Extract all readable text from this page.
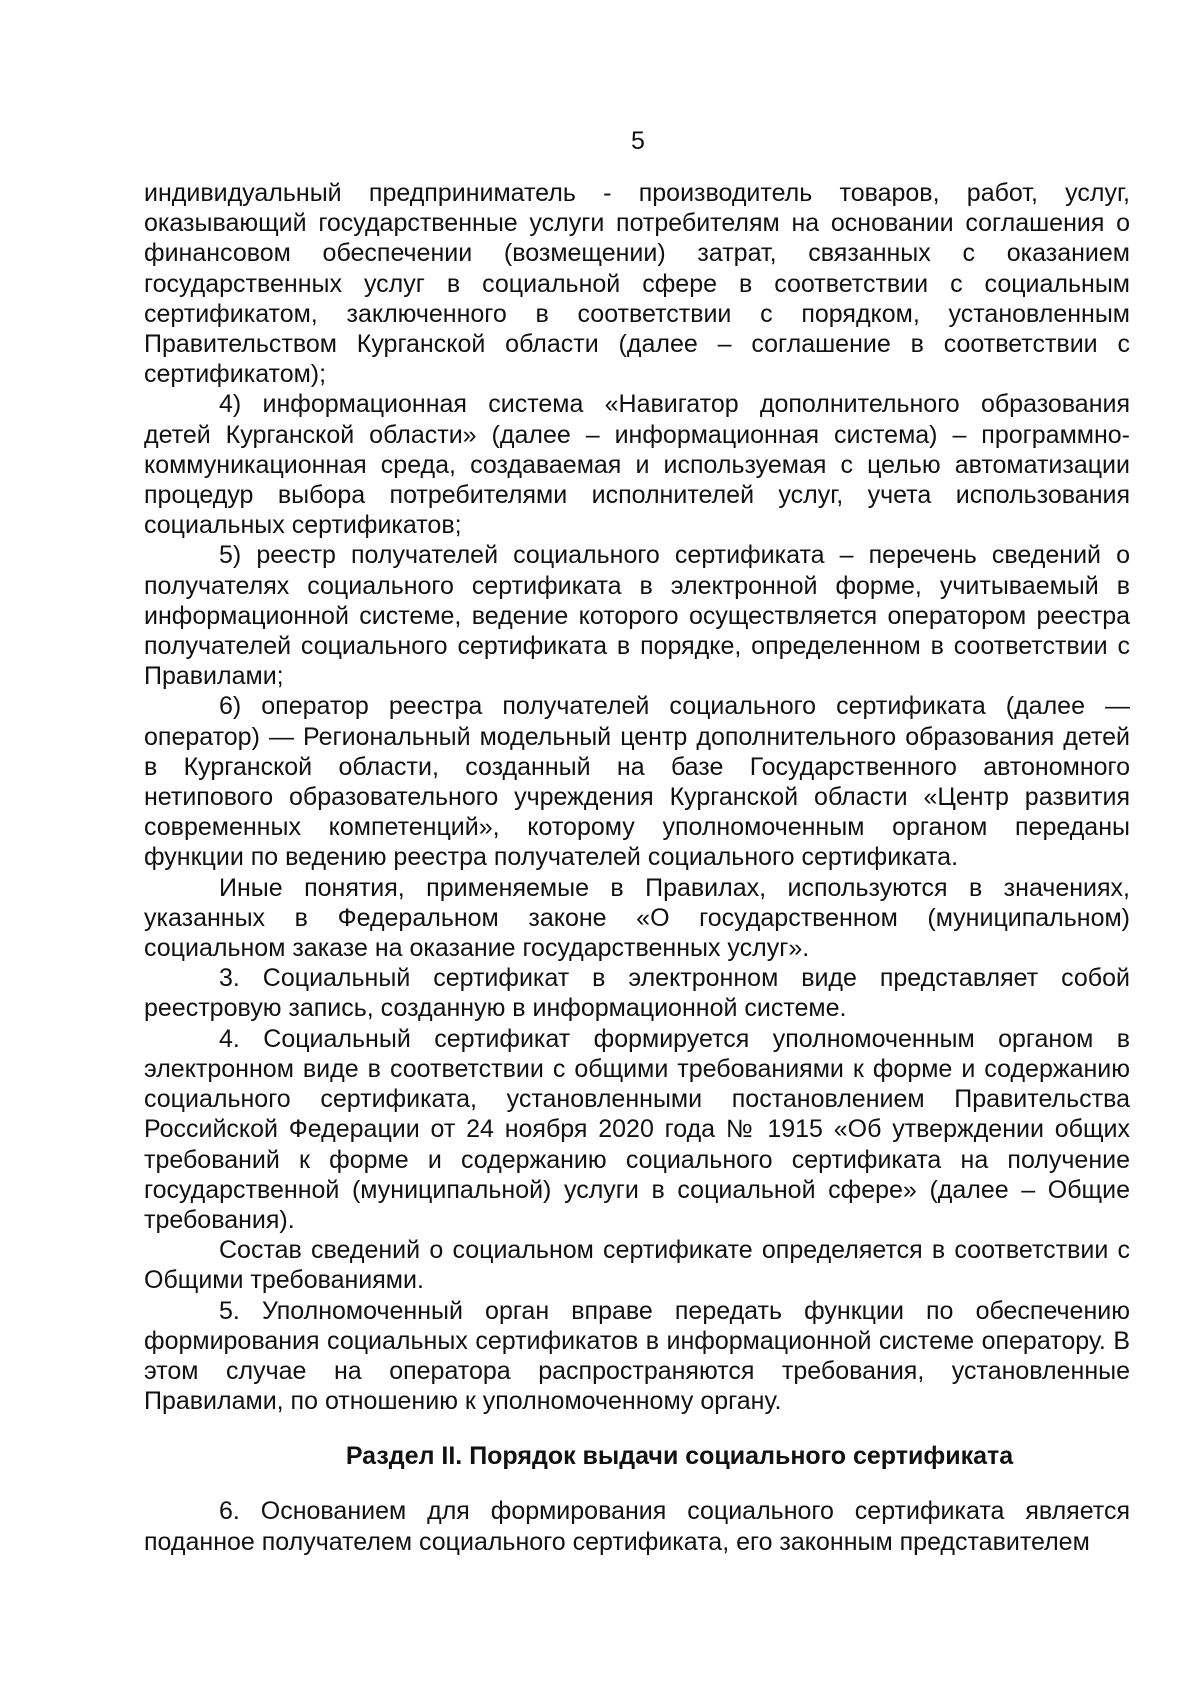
5

индивидуальный предприниматель - производитель товаров, работ, услуг, оказывающий государственные услуги потребителям на основании соглашения о финансовом обеспечении (возмещении) затрат, связанных с оказанием государственных услуг в социальной сфере в соответствии с социальным сертификатом, заключенного в соответствии с порядком, установленным Правительством Курганской области (далее – соглашение в соответствии с сертификатом);

4) информационная система «Навигатор дополнительного образования детей Курганской области» (далее – информационная система) – программно-коммуникационная среда, создаваемая и используемая с целью автоматизации процедур выбора потребителями исполнителей услуг, учета использования социальных сертификатов;

5) реестр получателей социального сертификата – перечень сведений о получателях социального сертификата в электронной форме, учитываемый в информационной системе, ведение которого осуществляется оператором реестра получателей социального сертификата в порядке, определенном в соответствии с Правилами;

6) оператор реестра получателей социального сертификата (далее — оператор) — Региональный модельный центр дополнительного образования детей в Курганской области, созданный на базе Государственного автономного нетипового образовательного учреждения Курганской области «Центр развития современных компетенций», которому уполномоченным органом переданы функции по ведению реестра получателей социального сертификата.

Иные понятия, применяемые в Правилах, используются в значениях, указанных в Федеральном законе «О государственном (муниципальном) социальном заказе на оказание государственных услуг».

3. Социальный сертификат в электронном виде представляет собой реестровую запись, созданную в информационной системе.

4. Социальный сертификат формируется уполномоченным органом в электронном виде в соответствии с общими требованиями к форме и содержанию социального сертификата, установленными постановлением Правительства Российской Федерации от 24 ноября 2020 года № 1915 «Об утверждении общих требований к форме и содержанию социального сертификата на получение государственной (муниципальной) услуги в социальной сфере» (далее – Общие требования).

Состав сведений о социальном сертификате определяется в соответствии с Общими требованиями.

5. Уполномоченный орган вправе передать функции по обеспечению формирования социальных сертификатов в информационной системе оператору. В этом случае на оператора распространяются требования, установленные Правилами, по отношению к уполномоченному органу.

Раздел II. Порядок выдачи социального сертификата

6. Основанием для формирования социального сертификата является поданное получателем социального сертификата, его законным представителем
